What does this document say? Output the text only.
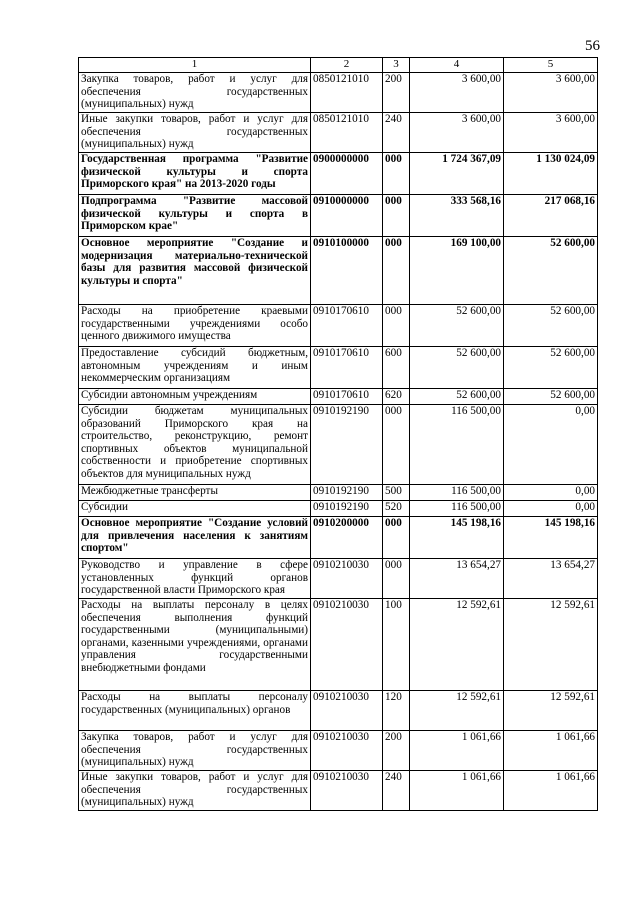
56
1	2	3	4	5
Закупка товаров, работ и услуг для обеспечения государственных (муниципальных) нужд	0850121010	200	3 600,00	3 600,00
Иные закупки товаров, работ и услуг для обеспечения государственных (муниципальных) нужд	0850121010	240	3 600,00	3 600,00
Государственная программа "Развитие физической культуры и спорта Приморского края" на 2013-2020 годы	0900000000	000	1 724 367,09	1 130 024,09
Подпрограмма "Развитие массовой физической культуры и спорта в Приморском крае"	0910000000	000	333 568,16	217 068,16
Основное мероприятие "Создание и модернизация материально-технической базы для развития массовой физической культуры и спорта"	0910100000	000	169 100,00	52 600,00
Расходы на приобретение краевыми государственными учреждениями особо ценного движимого имущества	0910170610	000	52 600,00	52 600,00
Предоставление субсидий бюджетным, автономным учреждениям и иным некоммерческим организациям	0910170610	600	52 600,00	52 600,00
Субсидии автономным учреждениям	0910170610	620	52 600,00	52 600,00
Субсидии бюджетам муниципальных образований Приморского края на строительство, реконструкцию, ремонт спортивных объектов муниципальной собственности и приобретение спортивных объектов для муниципальных нужд	0910192190	000	116 500,00	0,00
Межбюджетные трансферты	0910192190	500	116 500,00	0,00
Субсидии	0910192190	520	116 500,00	0,00
Основное мероприятие "Создание условий для привлечения населения к занятиям спортом"	0910200000	000	145 198,16	145 198,16
Руководство и управление в сфере установленных функций органов государственной власти Приморского края	0910210030	000	13 654,27	13 654,27
Расходы на выплаты персоналу в целях обеспечения выполнения функций государственными (муниципальными) органами, казенными учреждениями, органами управления государственными внебюджетными фондами	0910210030	100	12 592,61	12 592,61
Расходы на выплаты персоналу государственных (муниципальных) органов	0910210030	120	12 592,61	12 592,61
Закупка товаров, работ и услуг для обеспечения государственных (муниципальных) нужд	0910210030	200	1 061,66	1 061,66
Иные закупки товаров, работ и услуг для обеспечения государственных (муниципальных) нужд	0910210030	240	1 061,66	1 061,66
